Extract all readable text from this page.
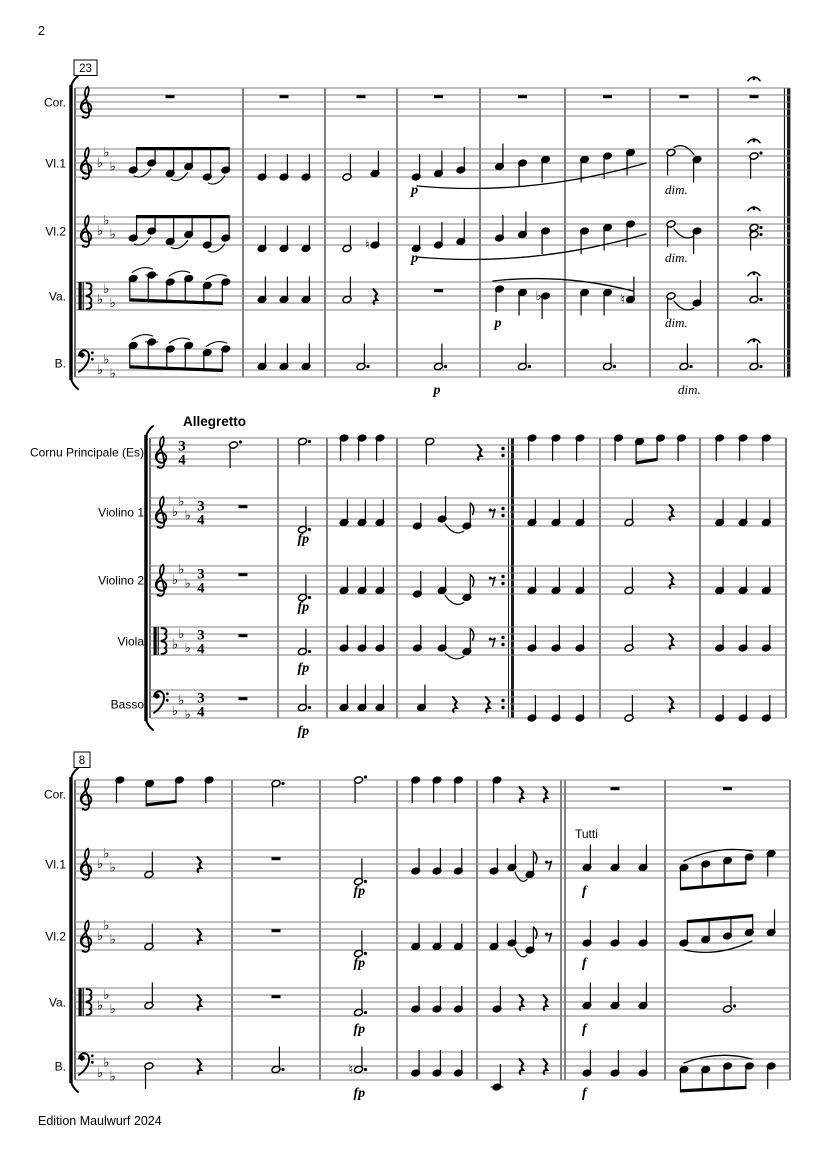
2
23
Cor.
Vl.1 ♭
♭
♭
p	dim.
Vl.2 ♭
♭
♭
♮
p	dim.
Va. ♭
♭
♭	♭
p
♮
dim.
B. ♭
♭
♭
p	dim.
Allegretto
Cornu Principale (Es) 3
4
Violino 1 ♭
♭
♭
3
4
fp
Violino 2 ♭
♭
♭
3
4
fp
Viola ♭
♭
♭
3
4
fp
Basso ♭
♭
♭
3
4
fp
8
Cor.
Vl.1 ♭
♭
♭
fp	f
Tutti
Vl.2 ♭
♭
♭
fp	f
Va. ♭
♭
♭
fp	f
B. ♭
♭
♭	♮
fp	f
Edition Maulwurf 2024
